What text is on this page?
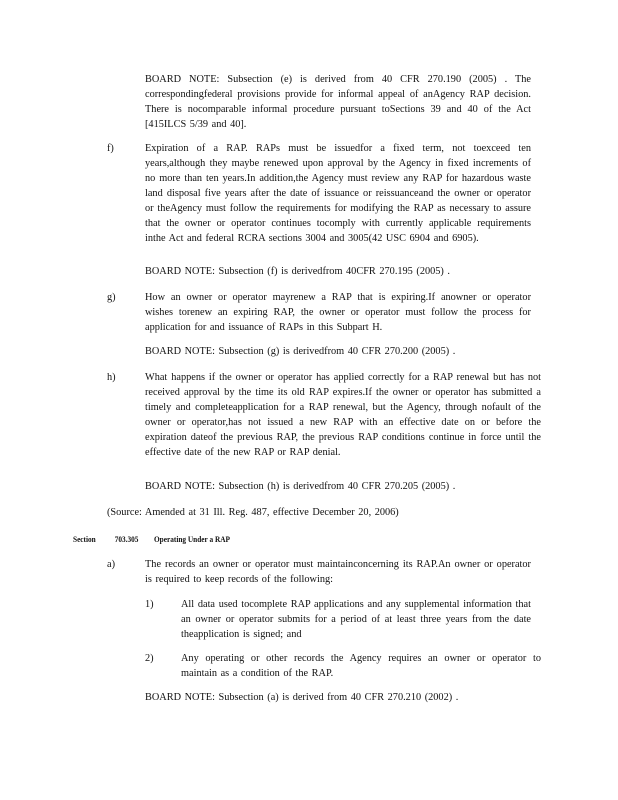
BOARD NOTE: Subsection (e) is derived from 40 CFR 270.190 (2005) . The correspondingfederal provisions provide for informal appeal of anAgency RAP decision. There is nocomparable informal procedure pursuant toSections 39 and 40 of the Act [415ILCS 5/39 and 40].

f)	Expiration of a RAP. RAPs must be issuedfor a fixed term, not toexceed ten years,although they maybe renewed upon approval by the Agency in fixed increments of no more than ten years.In addition,the Agency must review any RAP for hazardous waste land disposal five years after the date of issuance or reissuanceand the owner or operator or theAgency must follow the requirements for modifying the RAP as necessary to assure that the owner or operator continues tocomply with currently applicable requirements inthe Act and federal RCRA sections 3004 and 3005(42 USC 6904 and 6905).

BOARD NOTE: Subsection (f) is derivedfrom 40CFR 270.195 (2005) .

g)	How an owner or operator mayrenew a RAP that is expiring.If anowner or operator wishes torenew an expiring RAP, the owner or operator must follow the process for application for and issuance of RAPs in this Subpart H.

BOARD NOTE: Subsection (g) is derivedfrom 40 CFR 270.200 (2005) .

h)	What happens if the owner or operator has applied correctly for a RAP renewal but has not received approval by the time its old RAP expires.If the owner or operator has submitted a timely and completeapplication for a RAP renewal, but the Agency, through nofault of the owner or operator,has not issued a new RAP with an effective date on or before the expiration dateof the previous RAP, the previous RAP conditions continue in force until the effective date of the new RAP or RAP denial.

BOARD NOTE: Subsection (h) is derivedfrom 40 CFR 270.205 (2005) .

(Source: Amended at 31 Ill. Reg. 487, effective December 20, 2006)

Section 703.305 Operating Under a RAP

a)	The records an owner or operator must maintainconcerning its RAP.An owner or operator is required to keep records of the following:

1)	All data used tocomplete RAP applications and any supplemental information that an owner or operator submits for a period of at least three years from the date theapplication is signed; and

2)	Any operating or other records the Agency requires an owner or operator to maintain as a condition of the RAP.

BOARD NOTE: Subsection (a) is derived from 40 CFR 270.210 (2002) .
